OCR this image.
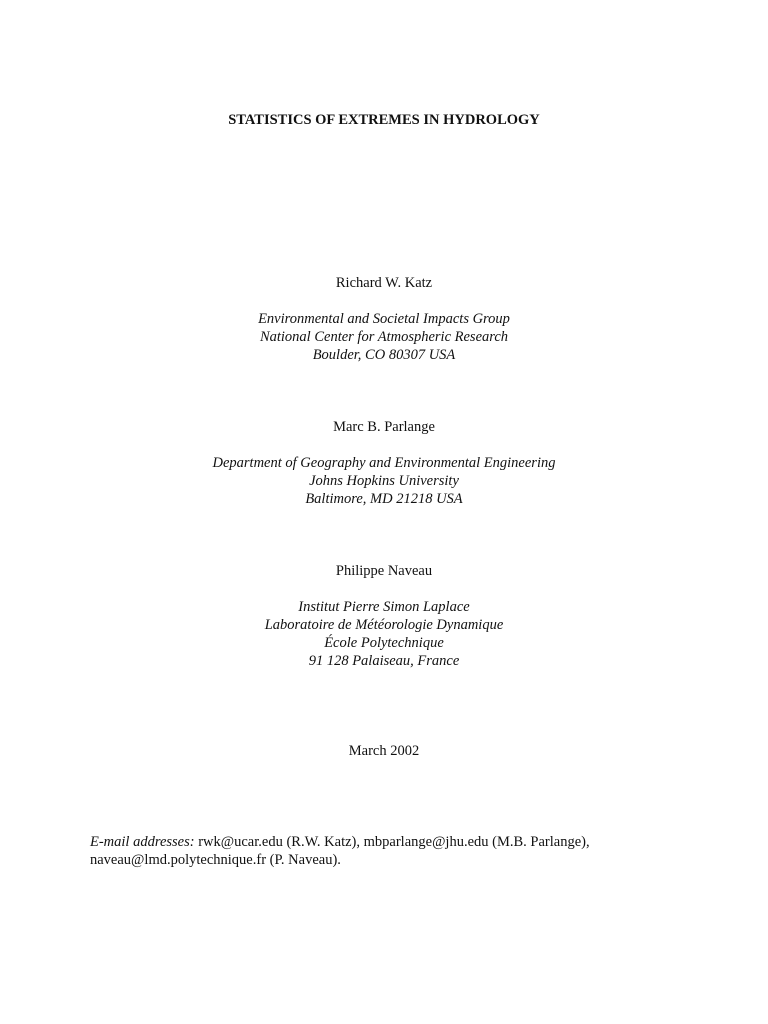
STATISTICS OF EXTREMES IN HYDROLOGY
Richard W. Katz
Environmental and Societal Impacts Group
National Center for Atmospheric Research
Boulder, CO 80307 USA
Marc B. Parlange
Department of Geography and Environmental Engineering
Johns Hopkins University
Baltimore, MD 21218 USA
Philippe Naveau
Institut Pierre Simon Laplace
Laboratoire de Météorologie Dynamique
École Polytechnique
91 128 Palaiseau, France
March 2002
E-mail addresses: rwk@ucar.edu (R.W. Katz), mbparlange@jhu.edu (M.B. Parlange),
naveau@lmd.polytechnique.fr (P. Naveau).
